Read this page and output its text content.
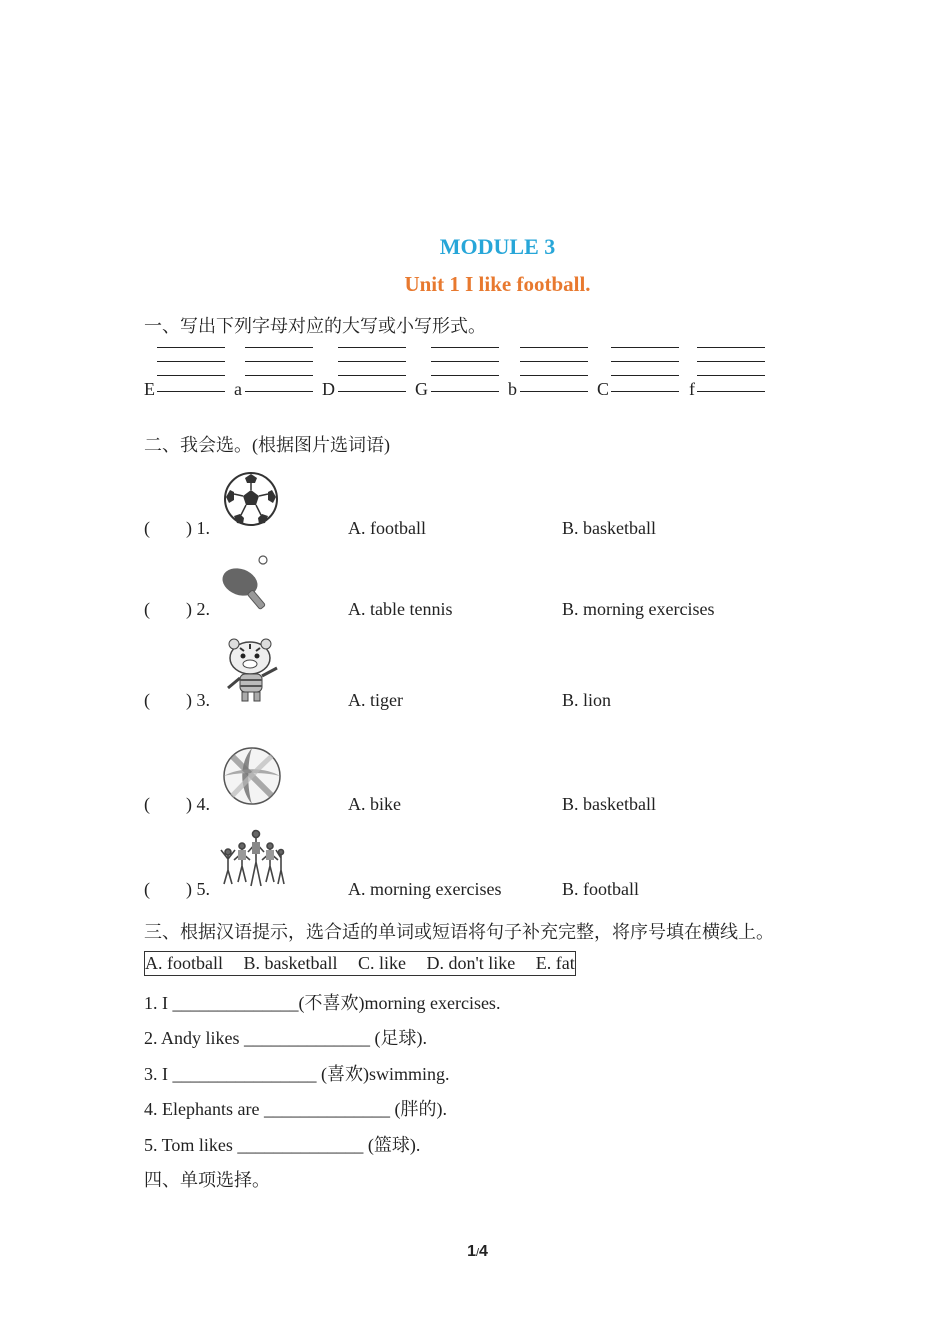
MODULE 3
Unit 1 I like football.
一、写出下列字母对应的大写或小写形式。
E	a	D	G	b	C	f
二、我会选。(根据图片选词语)
(        ) 1.	A. football	B. basketball
(        ) 2.	A. table tennis	B. morning exercises
(        ) 3.	A. tiger	B. lion
(        ) 4.	A. bike	B. basketball
(        ) 5.	A. morning exercises	B. football
三、根据汉语提示，选合适的单词或短语将句子补充完整，将序号填在横线上。
A. football B. basketball C. like D. don't like E. fat
1. I ______________(不喜欢)morning exercises.
2. Andy likes ______________ (足球).
3. I ________________ (喜欢)swimming.
4. Elephants are ______________ (胖的).
5. Tom likes ______________ (篮球).
四、单项选择。
1/4
